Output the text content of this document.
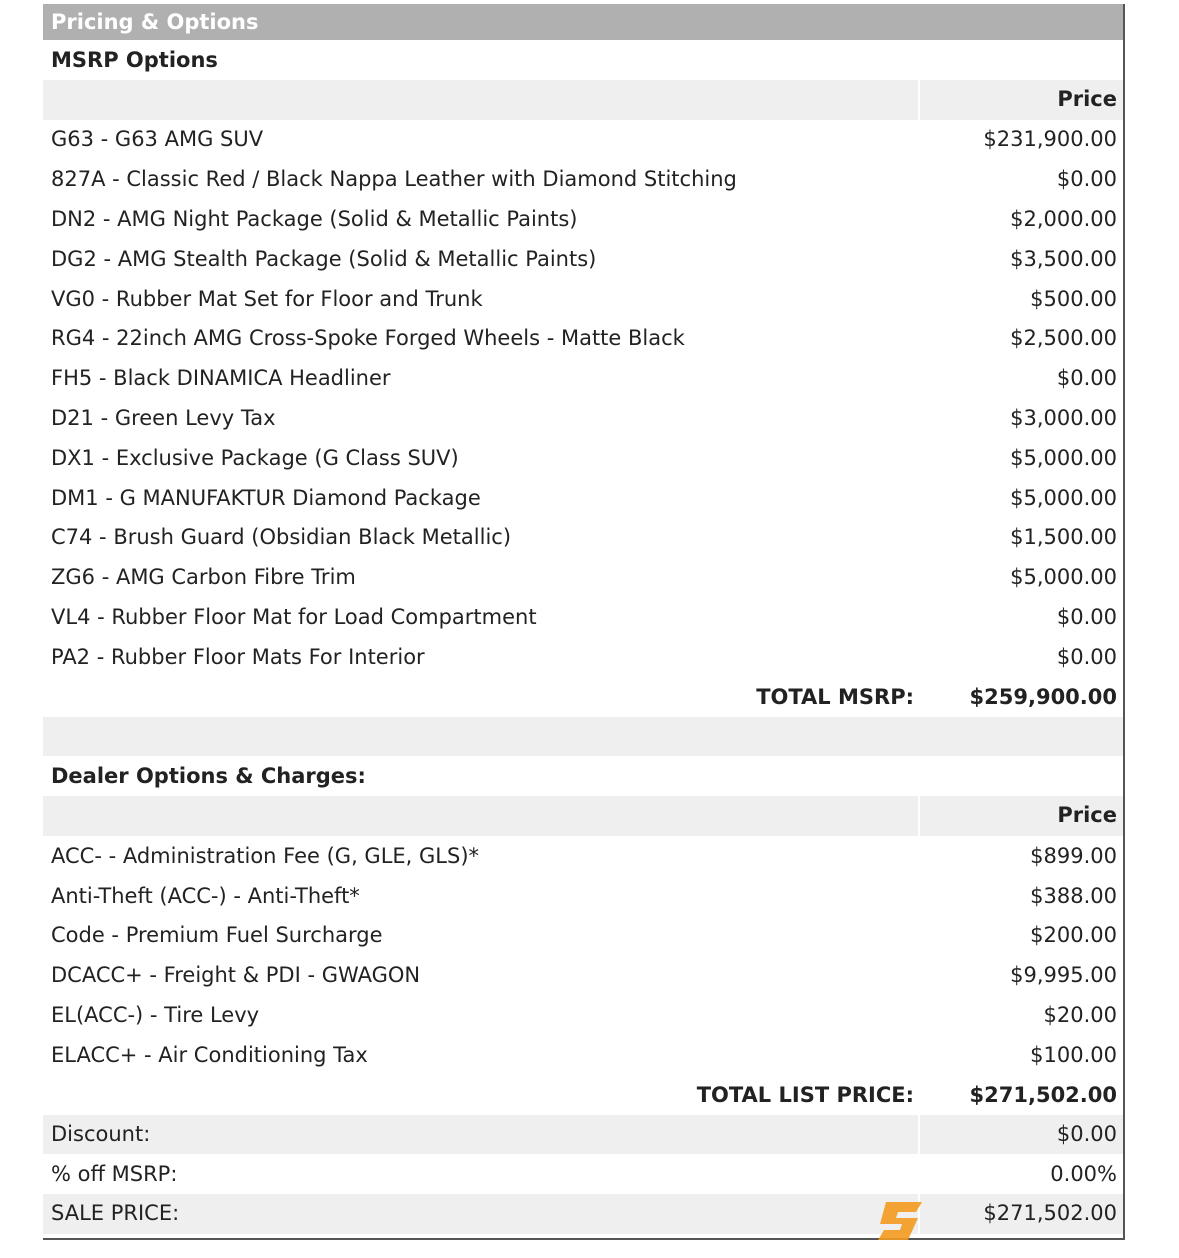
Pricing & Options
MSRP Options
Price
G63 - G63 AMG SUV	$231,900.00
827A - Classic Red / Black Nappa Leather with Diamond Stitching	$0.00
DN2 - AMG Night Package (Solid & Metallic Paints)	$2,000.00
DG2 - AMG Stealth Package (Solid & Metallic Paints)	$3,500.00
VG0 - Rubber Mat Set for Floor and Trunk	$500.00
RG4 - 22inch AMG Cross-Spoke Forged Wheels - Matte Black	$2,500.00
FH5 - Black DINAMICA Headliner	$0.00
D21 - Green Levy Tax	$3,000.00
DX1 - Exclusive Package (G Class SUV)	$5,000.00
DM1 - G MANUFAKTUR Diamond Package	$5,000.00
C74 - Brush Guard (Obsidian Black Metallic)	$1,500.00
ZG6 - AMG Carbon Fibre Trim	$5,000.00
VL4 - Rubber Floor Mat for Load Compartment	$0.00
PA2 - Rubber Floor Mats For Interior	$0.00
TOTAL MSRP:	$259,900.00
Dealer Options & Charges:
Price
ACC- - Administration Fee (G, GLE, GLS)*	$899.00
Anti-Theft (ACC-) - Anti-Theft*	$388.00
Code - Premium Fuel Surcharge	$200.00
DCACC+ - Freight & PDI - GWAGON	$9,995.00
EL(ACC-) - Tire Levy	$20.00
ELACC+ - Air Conditioning Tax	$100.00
TOTAL LIST PRICE:	$271,502.00
Discount:	$0.00
% off MSRP:	0.00%
SALE PRICE:	$271,502.00
